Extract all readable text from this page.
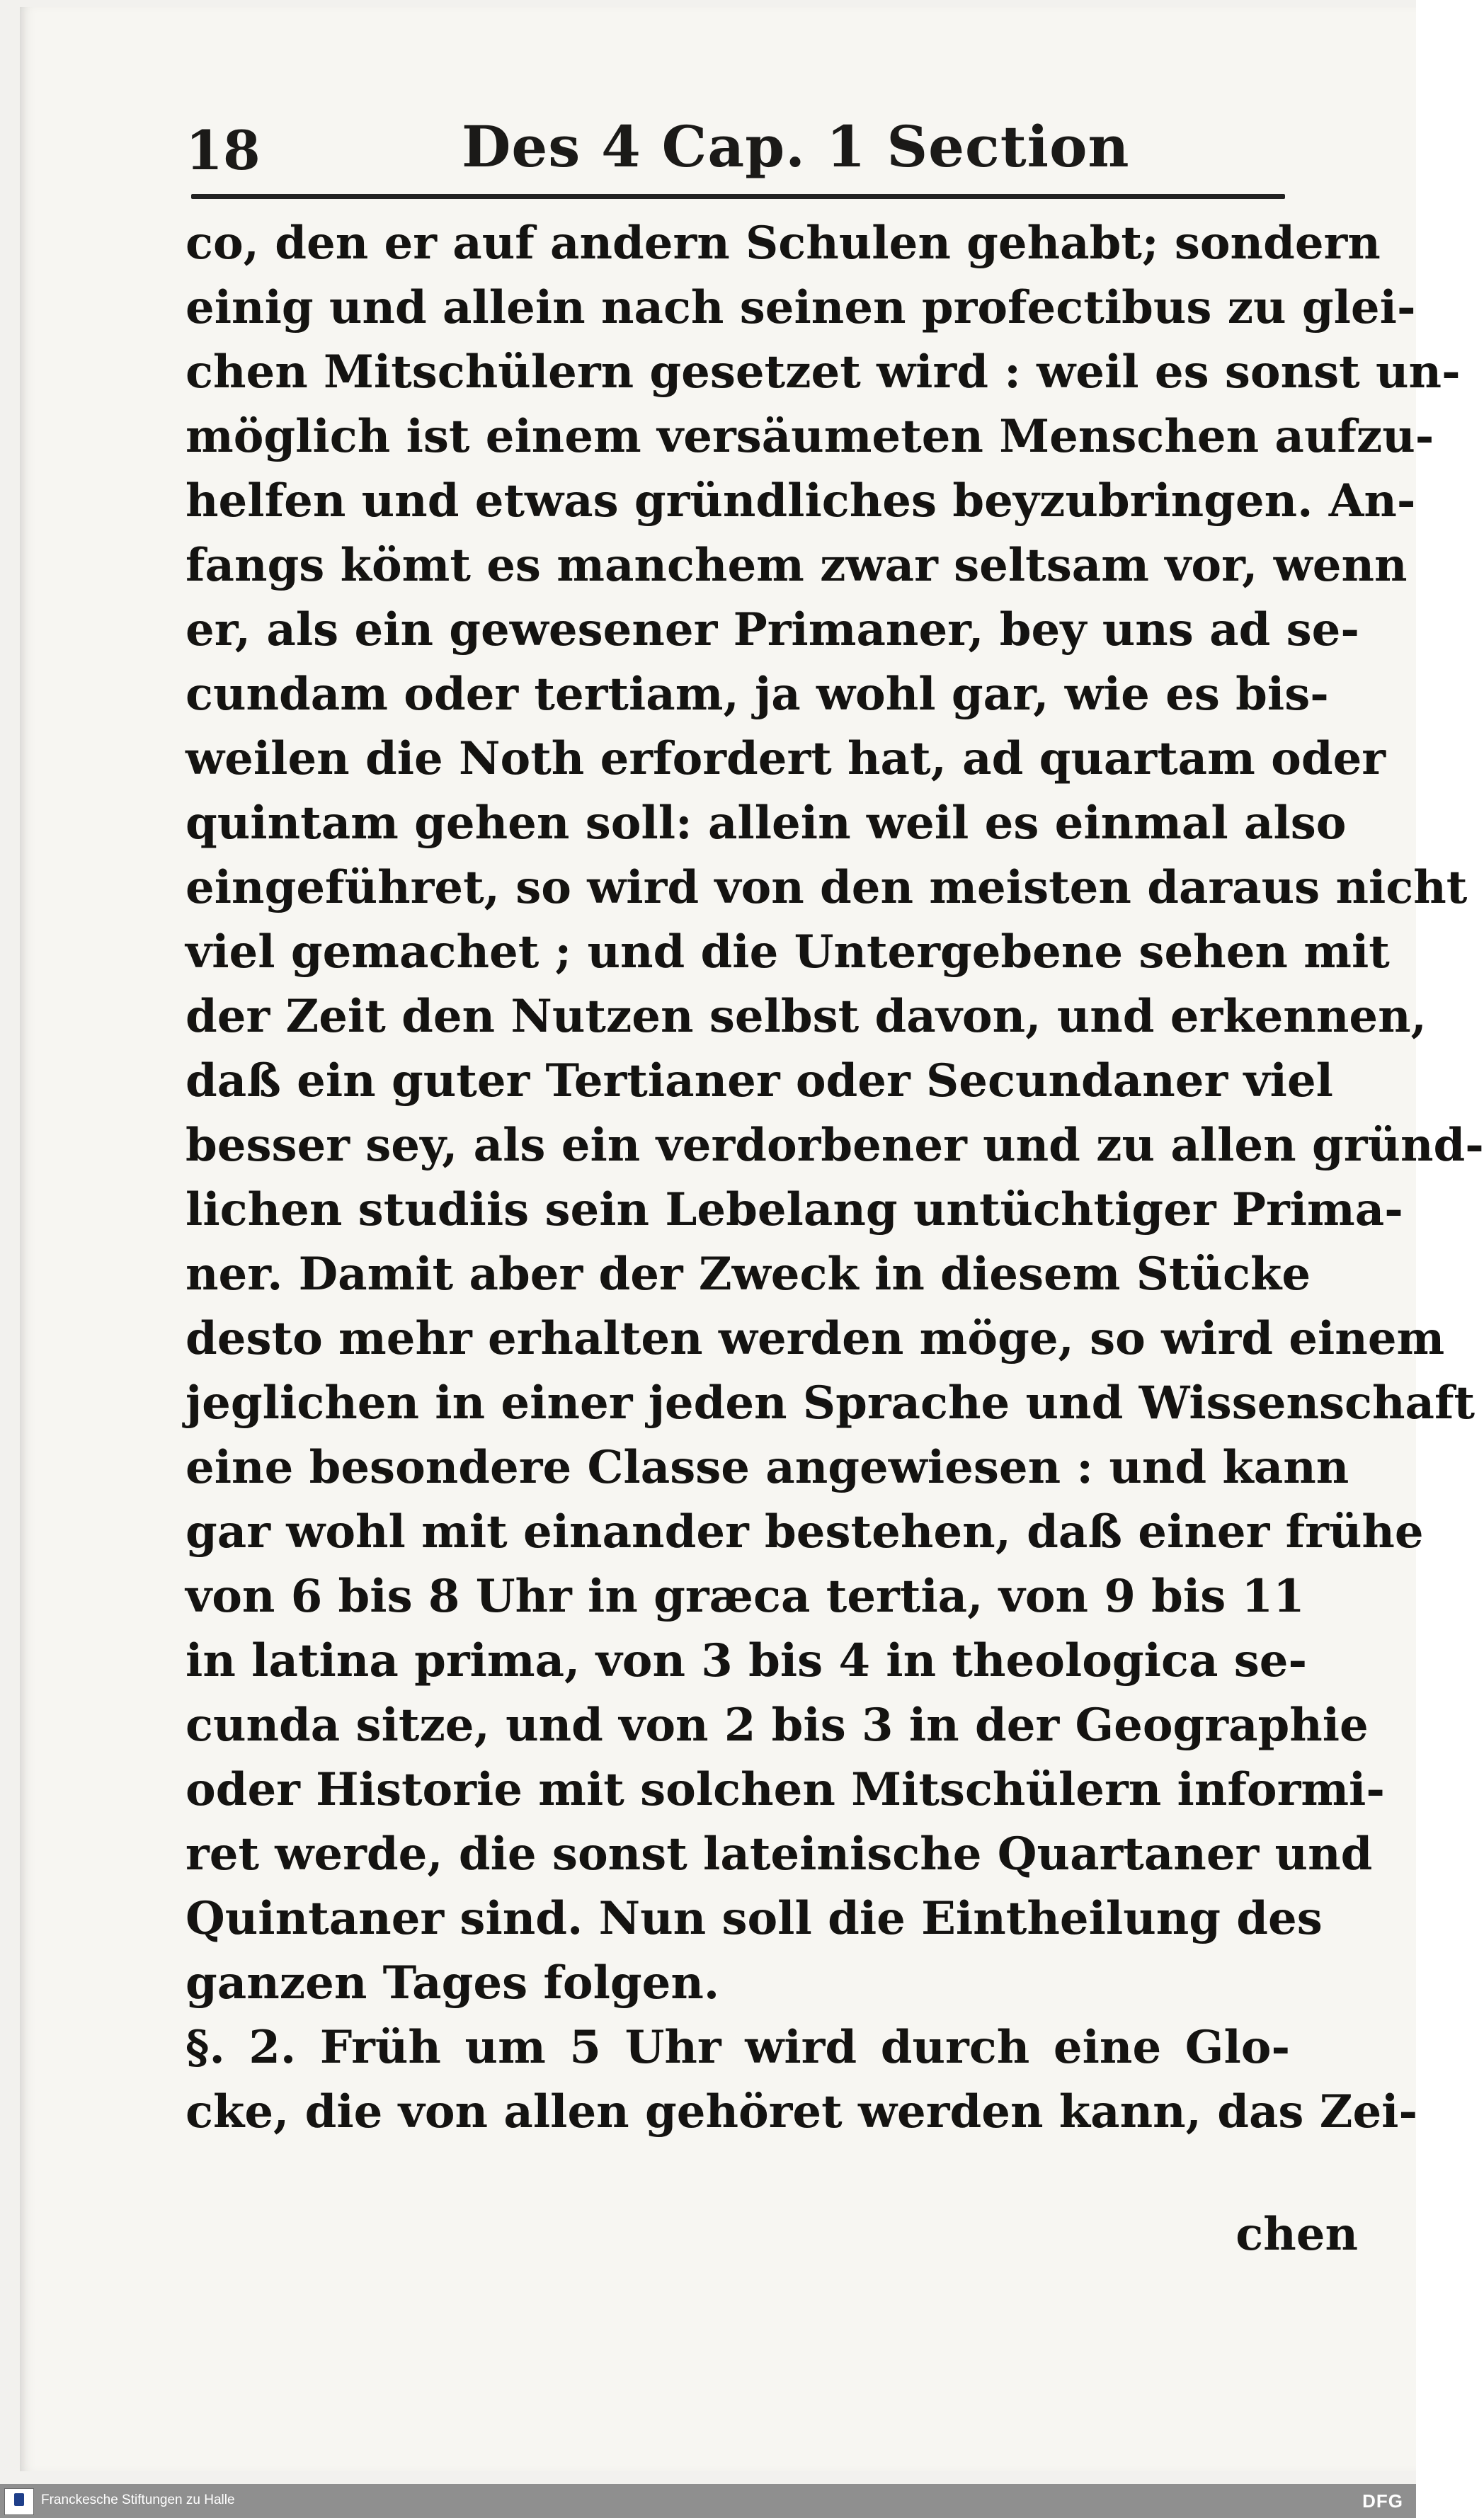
18	Des 4 Cap. 1 Section
co, den er auf andern Schulen gehabt; sondern
einig und allein nach seinen profectibus zu glei-
chen Mitschülern gesetzet wird : weil es sonst un-
möglich ist einem versäumeten Menschen aufzu-
helfen und etwas gründliches beyzubringen. An-
fangs kömt es manchem zwar seltsam vor, wenn
er, als ein gewesener Primaner, bey uns ad se-
cundam oder tertiam, ja wohl gar, wie es bis-
weilen die Noth erfordert hat, ad quartam oder
quintam gehen soll: allein weil es einmal also
eingeführet, so wird von den meisten daraus nicht
viel gemachet ; und die Untergebene sehen mit
der Zeit den Nutzen selbst davon, und erkennen,
daß ein guter Tertianer oder Secundaner viel
besser sey, als ein verdorbener und zu allen gründ-
lichen studiis sein Lebelang untüchtiger Prima-
ner. Damit aber der Zweck in diesem Stücke
desto mehr erhalten werden möge, so wird einem
jeglichen in einer jeden Sprache und Wissenschaft
eine besondere Classe angewiesen : und kann
gar wohl mit einander bestehen, daß einer frühe
von 6 bis 8 Uhr in græca tertia, von 9 bis 11
in latina prima, von 3 bis 4 in theologica se-
cunda sitze, und von 2 bis 3 in der Geographie
oder Historie mit solchen Mitschülern informi-
ret werde, die sonst lateinische Quartaner und
Quintaner sind. Nun soll die Eintheilung des
ganzen Tages folgen.
§. 2. Früh um 5 Uhr wird durch eine Glo-
cke, die von allen gehöret werden kann, das Zei-
chen
Franckesche Stiftungen zu Halle	DFG
